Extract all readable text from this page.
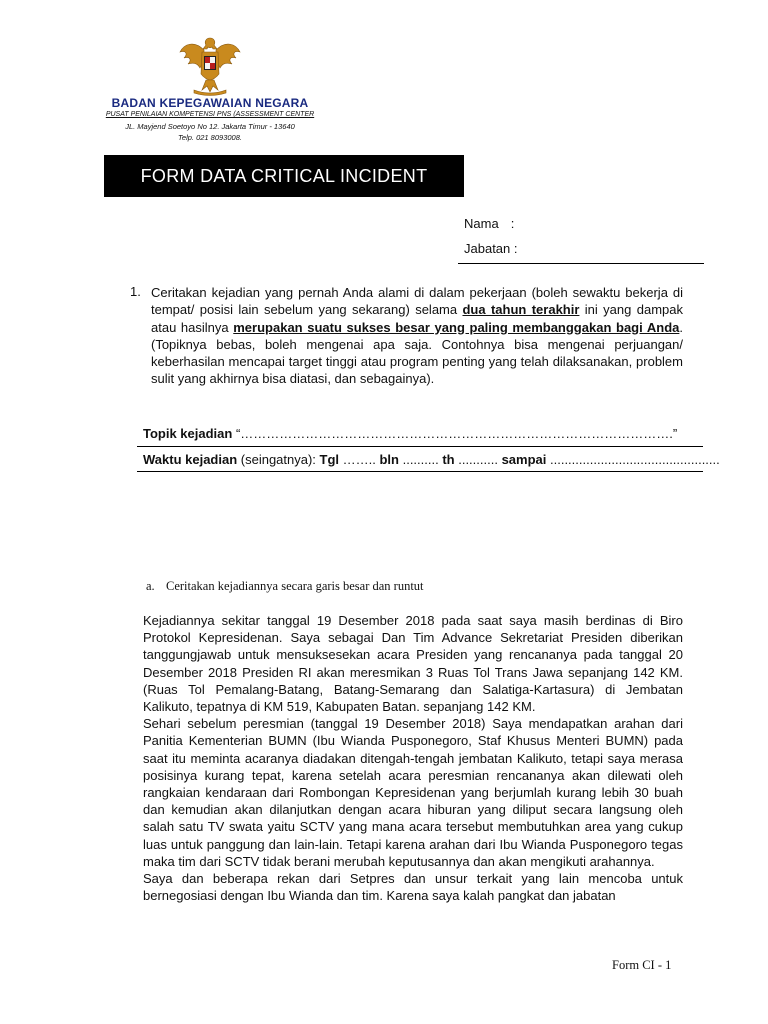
BADAN KEPEGAWAIAN NEGARA
PUSAT PENILAIAN KOMPETENSI PNS (ASSESSMENT CENTER
JL. Mayjend Soetoyo No 12. Jakarta Timur - 13640
Telp. 021 8093008.
FORM DATA CRITICAL INCIDENT
Nama :
Jabatan :
1. Ceritakan kejadian yang pernah Anda alami di dalam pekerjaan (boleh sewaktu bekerja di tempat/ posisi lain sebelum yang sekarang) selama dua tahun terakhir ini yang dampak atau hasilnya merupakan suatu sukses besar yang paling membanggakan bagi Anda. (Topiknya bebas, boleh mengenai apa saja. Contohnya bisa mengenai perjuangan/ keberhasilan mencapai target tinggi atau program penting yang telah dilaksanakan, problem sulit yang akhirnya bisa diatasi, dan sebagainya).
Topik kejadian “……………………………………………………………………………………….”
Waktu kejadian (seingatnya): Tgl …….. bln .......... th ........... sampai ...............................................
a. Ceritakan kejadiannya secara garis besar dan runtut

Kejadiannya sekitar tanggal 19 Desember 2018 pada saat saya masih berdinas di Biro Protokol Kepresidenan. Saya sebagai Dan Tim Advance Sekretariat Presiden diberikan tanggungjawab untuk mensuksesekan acara Presiden yang rencananya pada tanggal 20 Desember 2018 Presiden RI akan meresmikan 3 Ruas Tol Trans Jawa sepanjang 142 KM. (Ruas Tol Pemalang-Batang, Batang-Semarang dan Salatiga-Kartasura) di Jembatan Kalikuto, tepatnya di KM 519, Kabupaten Batan. sepanjang 142 KM.

Sehari sebelum peresmian (tanggal 19 Desember 2018) Saya mendapatkan arahan dari Panitia Kementerian BUMN (Ibu Wianda Pusponegoro, Staf Khusus Menteri BUMN) pada saat itu meminta acaranya diadakan ditengah-tengah jembatan Kalikuto, tetapi saya merasa posisinya kurang tepat, karena setelah acara peresmian rencananya akan dilewati oleh rangkaian kendaraan dari Rombongan Kepresidenan yang berjumlah kurang lebih 30 buah dan kemudian akan dilanjutkan dengan acara hiburan yang diliput secara langsung oleh salah satu TV swata yaitu SCTV yang mana acara tersebut membutuhkan area yang cukup luas untuk panggung dan lain-lain. Tetapi karena arahan dari Ibu Wianda Pusponegoro tegas maka tim dari SCTV tidak berani merubah keputusannya dan akan mengikuti arahannya.

Saya dan beberapa rekan dari Setpres dan unsur terkait yang lain mencoba untuk bernegosiasi dengan Ibu Wianda dan tim. Karena saya kalah pangkat dan jabatan

Form CI - 1
